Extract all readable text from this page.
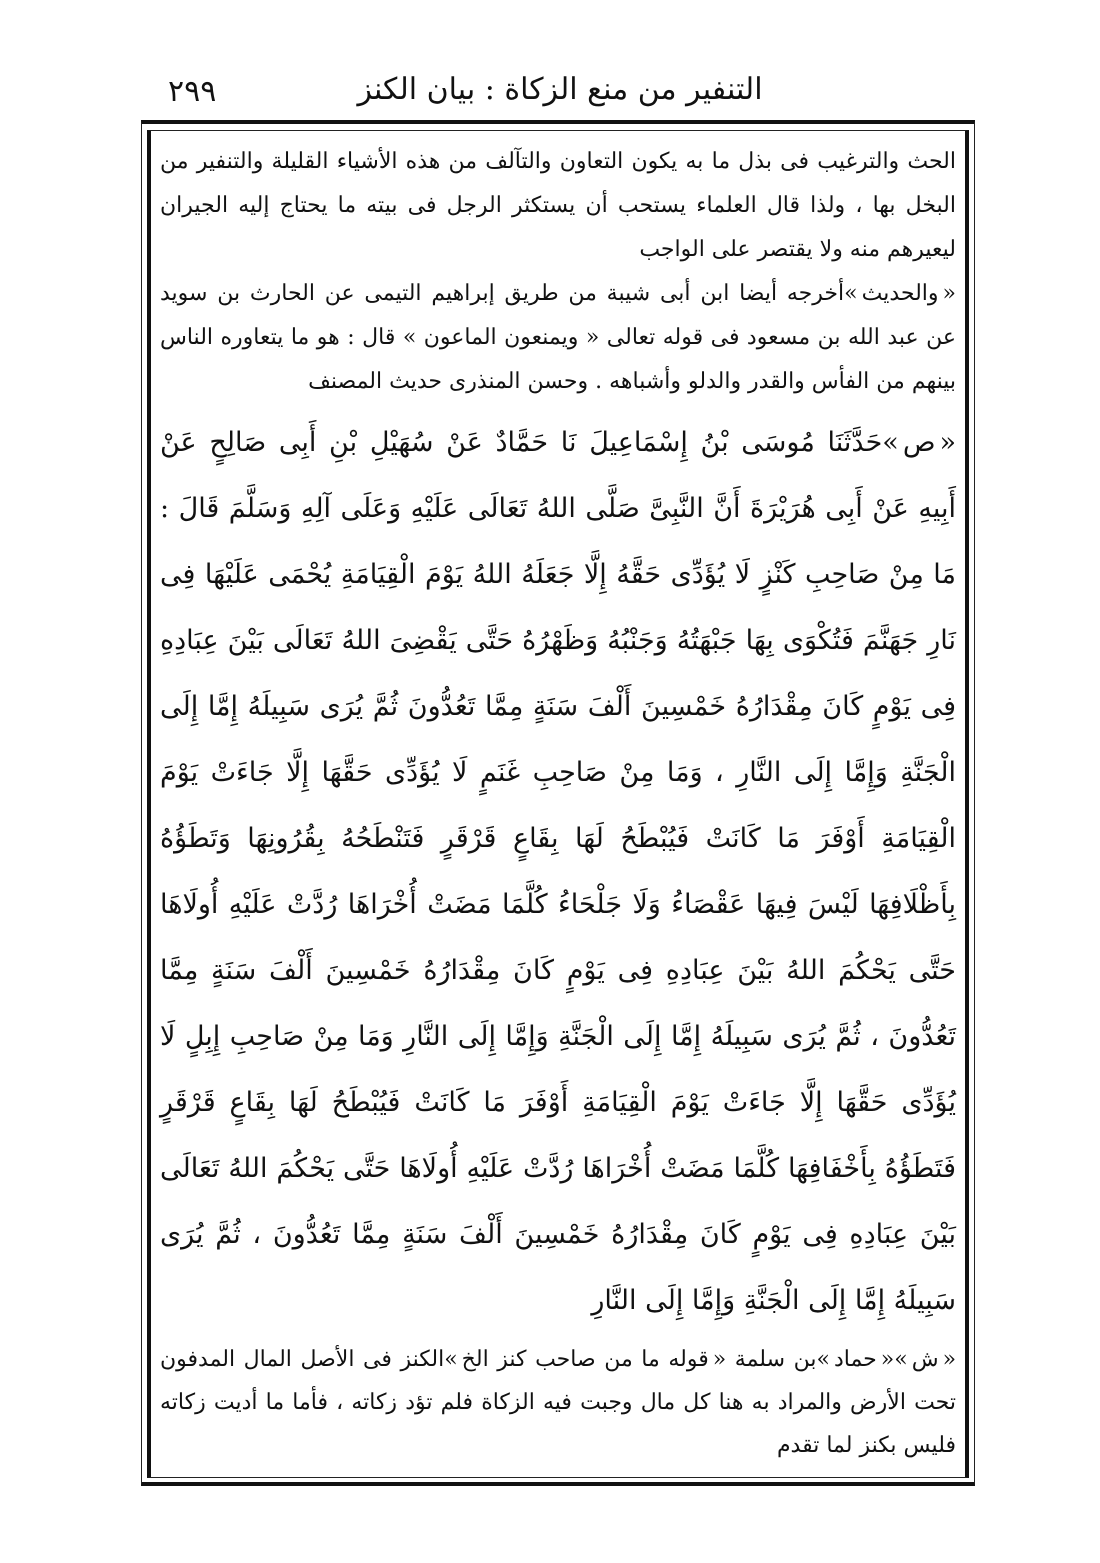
٢٩٩	التنفير من منع الزكاة : بيان الكنز

الحث والترغيب فى بذل ما به يكون التعاون والتآلف من هذه الأشياء القليلة والتنفير من البخل بها ، ولذا قال العلماء يستحب أن يستكثر الرجل فى بيته ما يحتاج إليه الجيران ليعيرهم منه ولا يقتصر على الواجب

« والحديث »أخرجه أيضا ابن أبى شيبة من طريق إبراهيم التيمى عن الحارث بن سويد عن عبد الله بن مسعود فى قوله تعالى « ويمنعون الماعون » قال : هو ما يتعاوره الناس بينهم من الفأس والقدر والدلو وأشباهه . وحسن المنذرى حديث المصنف

« ص »حَدَّثَنَا مُوسَى بْنُ إِسْمَاعِيلَ نَا حَمَّادٌ عَنْ سُهَيْلِ بْنِ أَبِى صَالِحٍ عَنْ أَبِيهِ عَنْ أَبِى هُرَيْرَةَ أَنَّ النَّبِىَّ صَلَّى اللهُ تَعَالَى عَلَيْهِ وَعَلَى آلِهِ وَسَلَّمَ قَالَ : مَا مِنْ صَاحِبِ كَنْزٍ لَا يُؤَدِّى حَقَّهُ إِلَّا جَعَلَهُ اللهُ يَوْمَ الْقِيَامَةِ يُحْمَى عَلَيْهَا فِى نَارِ جَهَنَّمَ فَتُكْوَى بِهَا جَبْهَتُهُ وَجَنْبُهُ وَظَهْرُهُ حَتَّى يَقْضِىَ اللهُ تَعَالَى بَيْنَ عِبَادِهِ فِى يَوْمٍ كَانَ مِقْدَارُهُ خَمْسِينَ أَلْفَ سَنَةٍ مِمَّا تَعُدُّونَ ثُمَّ يُرَى سَبِيلَهُ إِمَّا إِلَى الْجَنَّةِ وَإِمَّا إِلَى النَّارِ ، وَمَا مِنْ صَاحِبِ غَنَمٍ لَا يُؤَدِّى حَقَّهَا إِلَّا جَاءَتْ يَوْمَ الْقِيَامَةِ أَوْفَرَ مَا كَانَتْ فَيُبْطَحُ لَهَا بِقَاعٍ قَرْقَرٍ فَتَنْطَحُهُ بِقُرُونِهَا وَتَطَؤُهُ بِأَظْلَافِهَا لَيْسَ فِيهَا عَقْصَاءُ وَلَا جَلْحَاءُ كُلَّمَا مَضَتْ أُخْرَاهَا رُدَّتْ عَلَيْهِ أُولَاهَا حَتَّى يَحْكُمَ اللهُ بَيْنَ عِبَادِهِ فِى يَوْمٍ كَانَ مِقْدَارُهُ خَمْسِينَ أَلْفَ سَنَةٍ مِمَّا تَعُدُّونَ ، ثُمَّ يُرَى سَبِيلَهُ إِمَّا إِلَى الْجَنَّةِ وَإِمَّا إِلَى النَّارِ وَمَا مِنْ صَاحِبِ إِبِلٍ لَا يُؤَدِّى حَقَّهَا إِلَّا جَاءَتْ يَوْمَ الْقِيَامَةِ أَوْفَرَ مَا كَانَتْ فَيُبْطَحُ لَهَا بِقَاعٍ قَرْقَرٍ فَتَطَؤُهُ بِأَخْفَافِهَا كُلَّمَا مَضَتْ أُخْرَاهَا رُدَّتْ عَلَيْهِ أُولَاهَا حَتَّى يَحْكُمَ اللهُ تَعَالَى بَيْنَ عِبَادِهِ فِى يَوْمٍ كَانَ مِقْدَارُهُ خَمْسِينَ أَلْفَ سَنَةٍ مِمَّا تَعُدُّونَ ، ثُمَّ يُرَى سَبِيلَهُ إِمَّا إِلَى الْجَنَّةِ وَإِمَّا إِلَى النَّارِ

« ش »« حماد »بن سلمة « قوله ما من صاحب كنز الخ »الكنز فى الأصل المال المدفون تحت الأرض والمراد به هنا كل مال وجبت فيه الزكاة فلم تؤد زكاته ، فأما ما أديت زكاته فليس بكنز لما تقدم
